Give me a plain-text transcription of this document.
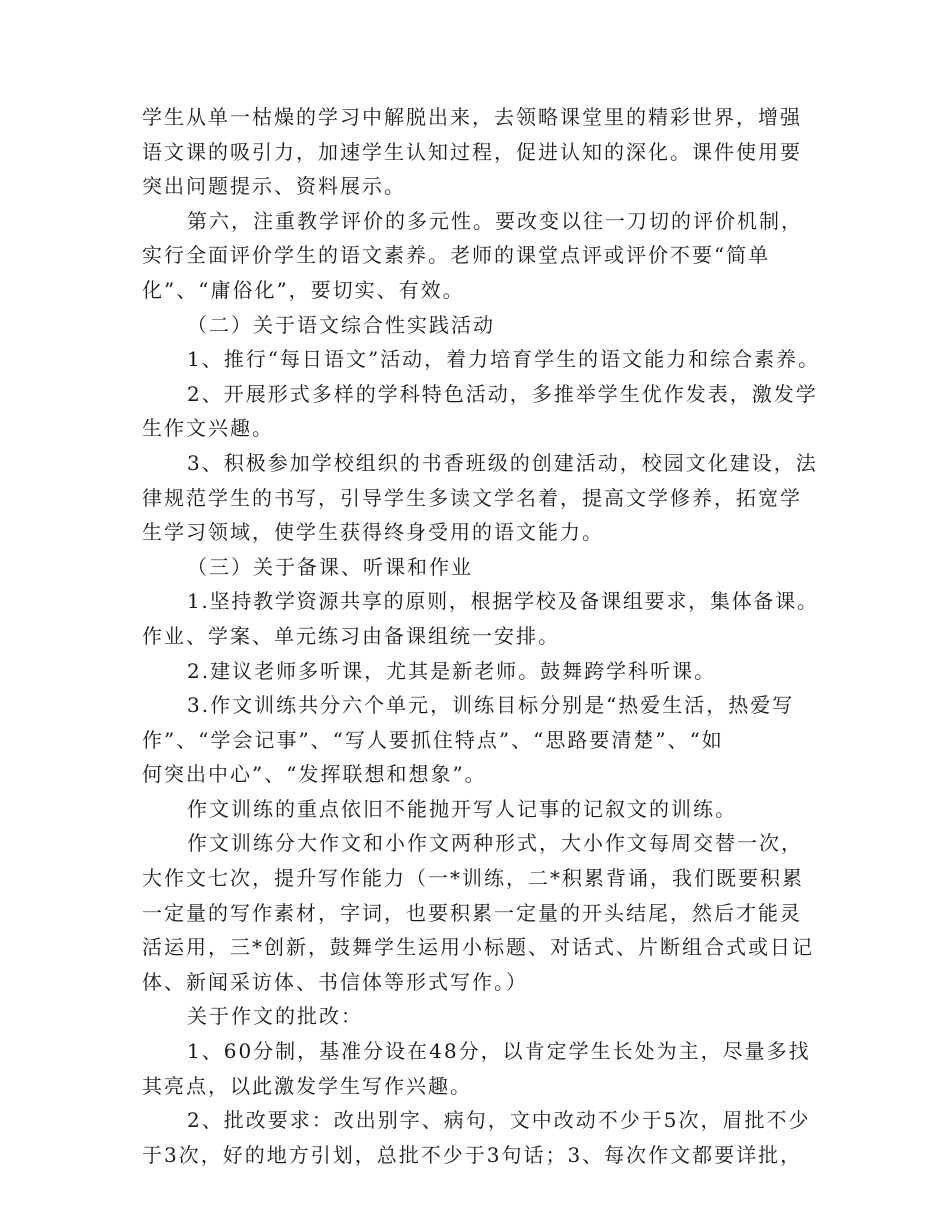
学生从单一枯燥的学习中解脱出来，去领略课堂里的精彩世界，增强
语文课的吸引力，加速学生认知过程，促进认知的深化。课件使用要
突出问题提示、资料展示。
第六，注重教学评价的多元性。要改变以往一刀切的评价机制，
实行全面评价学生的语文素养。老师的课堂点评或评价不要“简单
化”、“庸俗化”，要切实、有效。
（二）关于语文综合性实践活动
1、推行“每日语文”活动，着力培育学生的语文能力和综合素养。
2、开展形式多样的学科特色活动，多推举学生优作发表，激发学
生作文兴趣。
3、积极参加学校组织的书香班级的创建活动，校园文化建设，法
律规范学生的书写，引导学生多读文学名着，提高文学修养，拓宽学
生学习领域，使学生获得终身受用的语文能力。
（三）关于备课、听课和作业
1.坚持教学资源共享的原则，根据学校及备课组要求，集体备课。
作业、学案、单元练习由备课组统一安排。
2.建议老师多听课，尤其是新老师。鼓舞跨学科听课。
3.作文训练共分六个单元，训练目标分别是“热爱生活，热爱写
作”、“学会记事”、“写人要抓住特点”、“思路要清楚”、“如
何突出中心”、“发挥联想和想象”。
作文训练的重点依旧不能抛开写人记事的记叙文的训练。
作文训练分大作文和小作文两种形式，大小作文每周交替一次，
大作文七次，提升写作能力（一*训练，二*积累背诵，我们既要积累
一定量的写作素材，字词，也要积累一定量的开头结尾，然后才能灵
活运用，三*创新，鼓舞学生运用小标题、对话式、片断组合式或日记
体、新闻采访体、书信体等形式写作。）
关于作文的批改：
1、60分制，基准分设在48分，以肯定学生长处为主，尽量多找
其亮点，以此激发学生写作兴趣。
2、批改要求：改出别字、病句，文中改动不少于5次，眉批不少
于3次，好的地方引划，总批不少于3句话；3、每次作文都要详批，
